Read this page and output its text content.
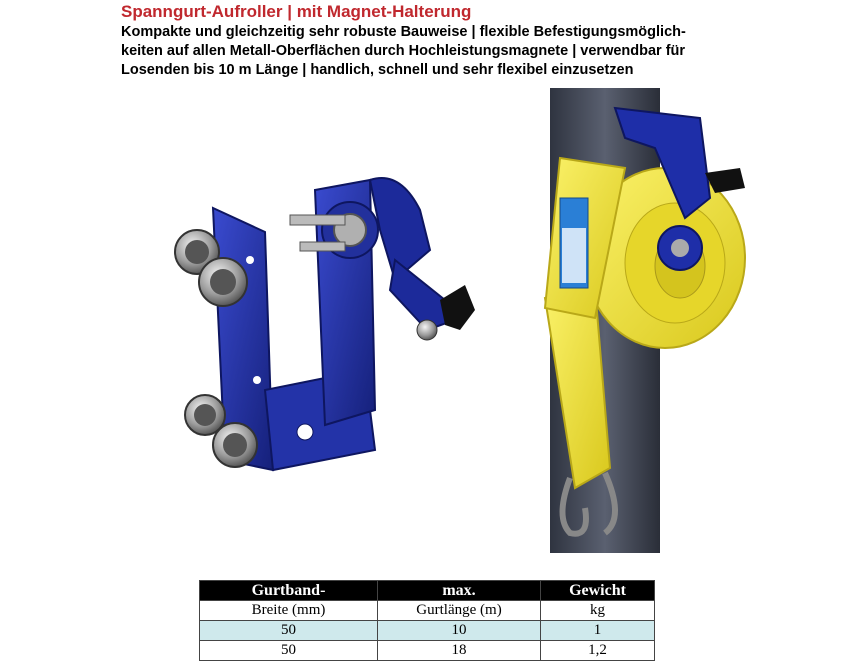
Spanngurt-Aufroller | mit Magnet-Halterung
Kompakte und gleichzeitig sehr robuste Bauweise | flexible Befestigungsmöglich-
keiten auf allen Metall-Oberflächen durch Hochleistungsmagnete | verwendbar für
Losenden bis 10 m Länge | handlich, schnell und sehr flexibel einzusetzen
Gurtband-	max.	Gewicht
Breite (mm)	Gurtlänge (m)	kg
50	10	1
50	18	1,2
